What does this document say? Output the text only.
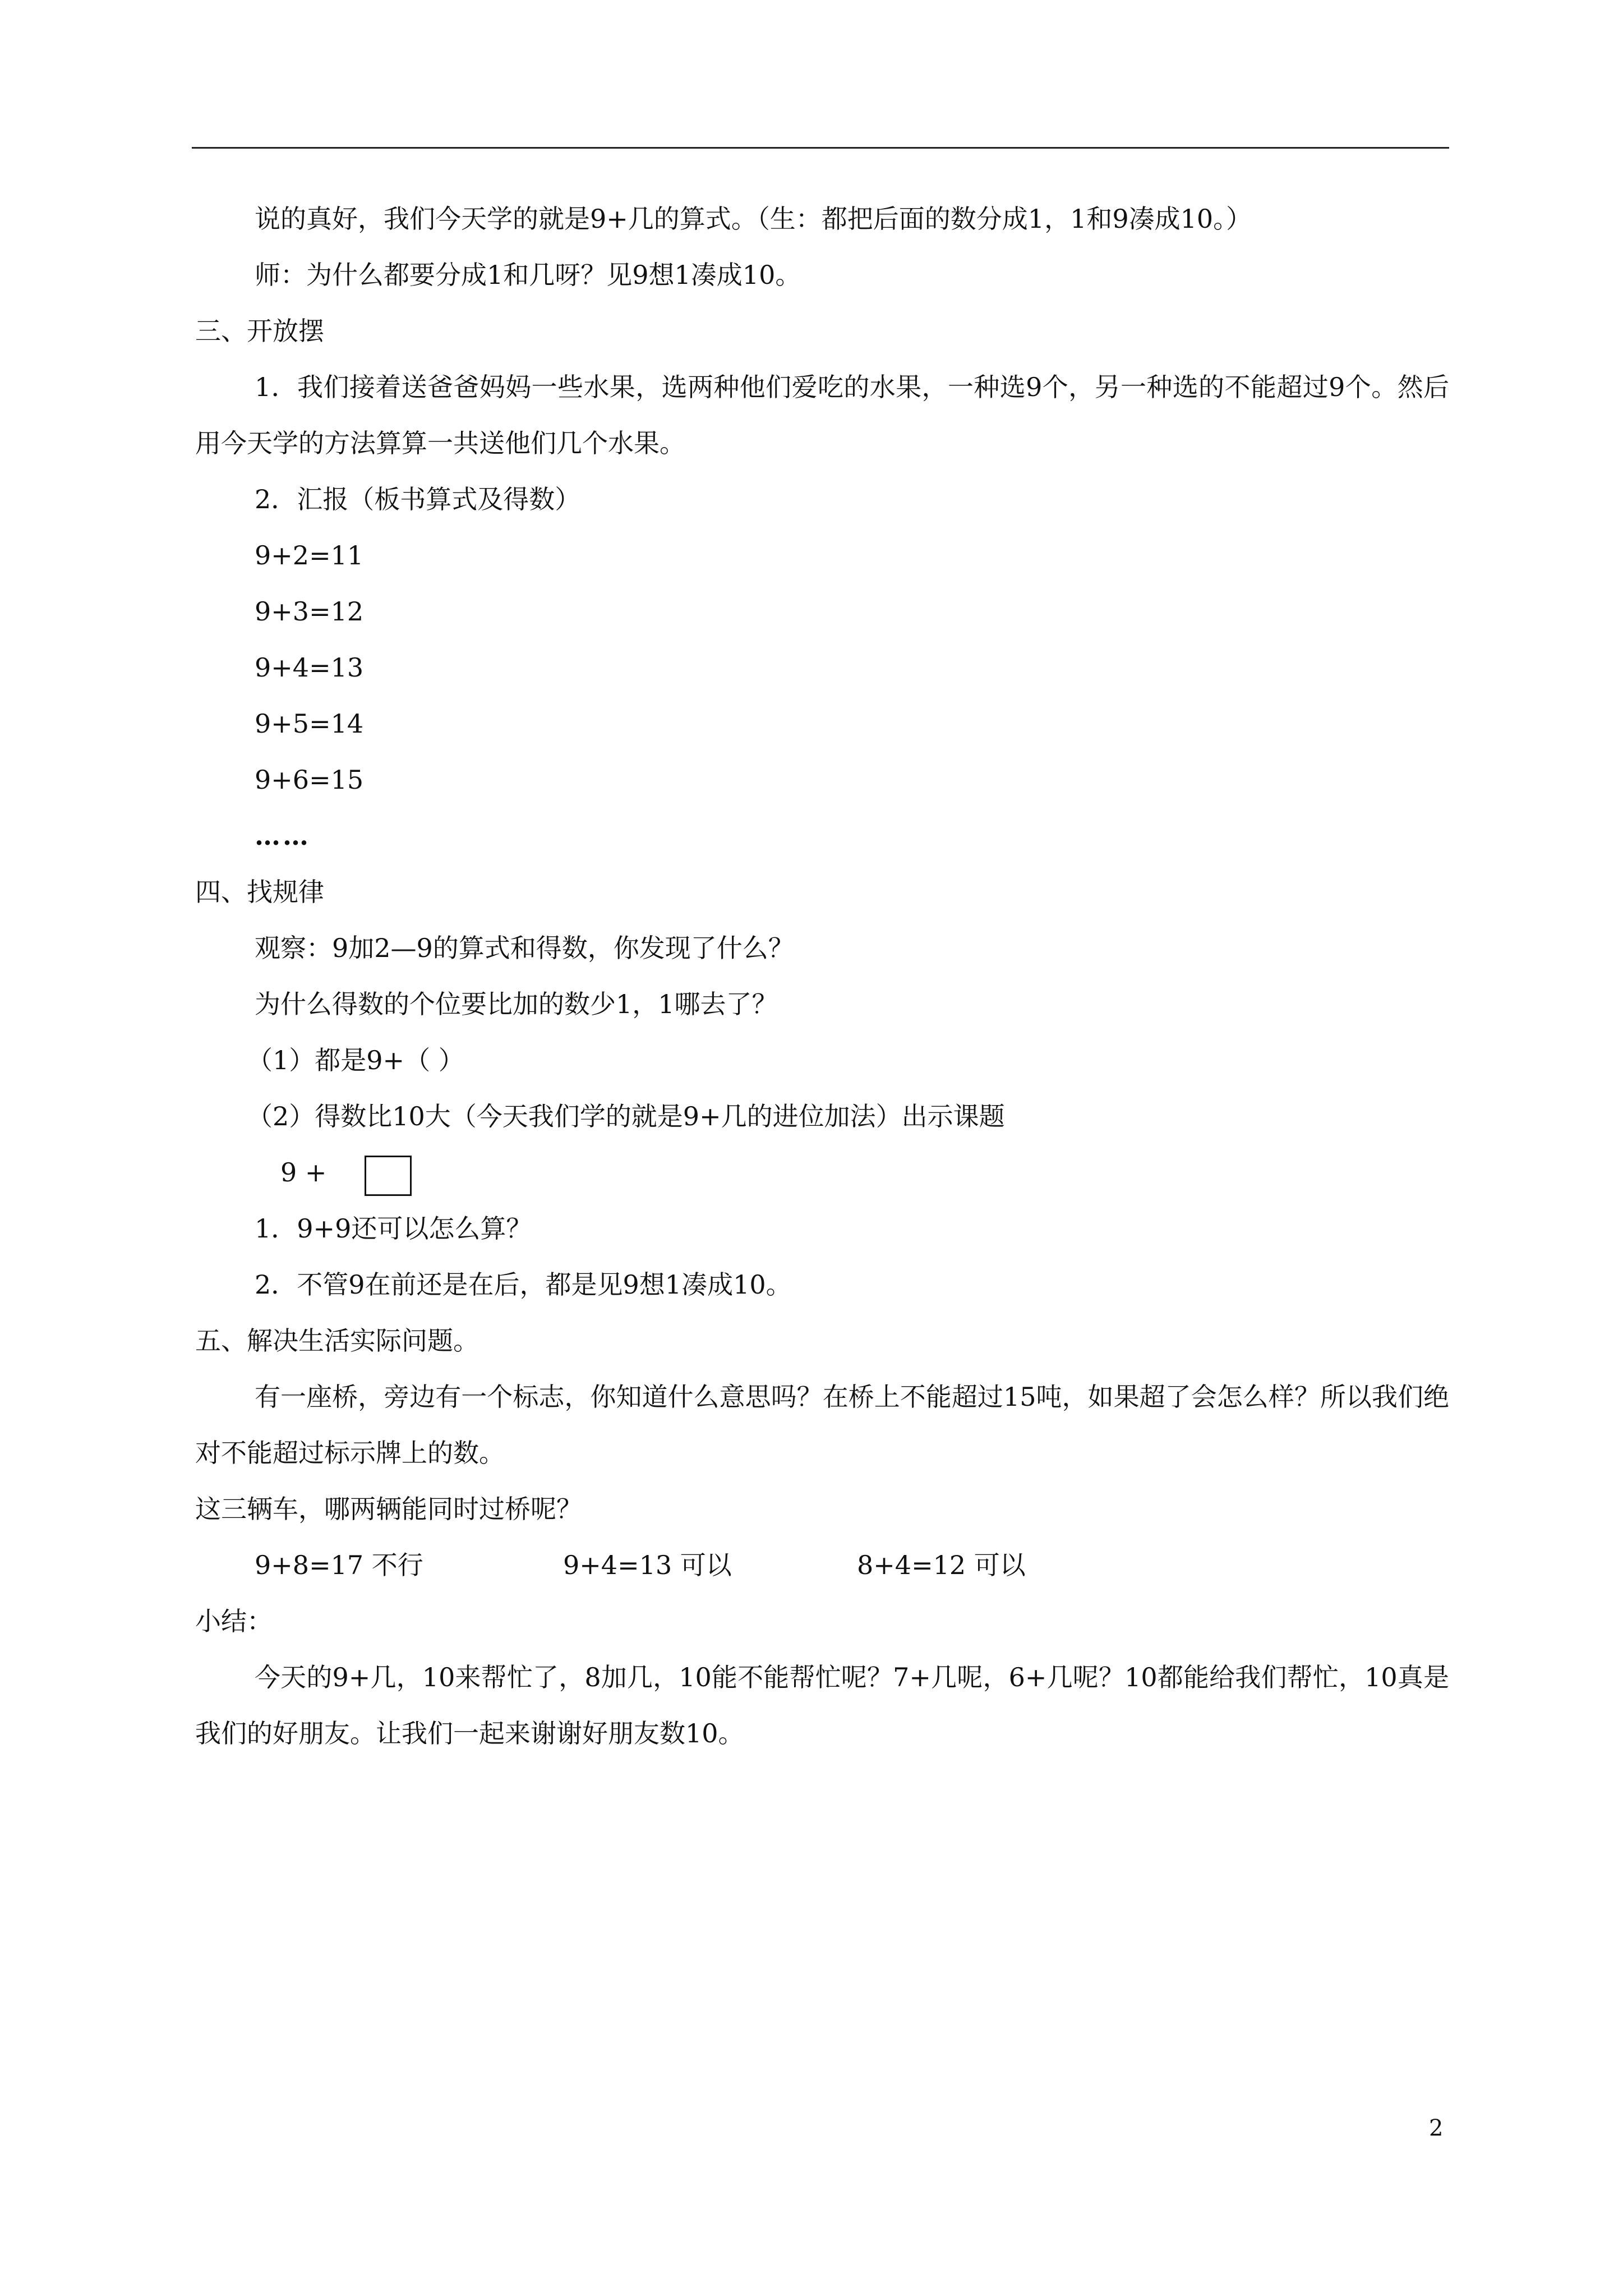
说的真好，我们今天学的就是9+几的算式。（生：都把后面的数分成1，1和9凑成10。）
师：为什么都要分成1和几呀？见9想1凑成10。
三、开放摆
1．我们接着送爸爸妈妈一些水果，选两种他们爱吃的水果，一种选9个，另一种选的不能超过9个。然后用今天学的方法算算一共送他们几个水果。
2．汇报（板书算式及得数）
9+2=11
9+3=12
9+4=13
9+5=14
9+6=15
……
四、找规律
观察：9加2—9的算式和得数，你发现了什么？
为什么得数的个位要比加的数少1，1哪去了？
（1）都是9+（ ）
（2）得数比10大（今天我们学的就是9+几的进位加法）出示课题
9 +
1．9+9还可以怎么算？
2．不管9在前还是在后，都是见9想1凑成10。
五、解决生活实际问题。
有一座桥，旁边有一个标志，你知道什么意思吗？在桥上不能超过15吨，如果超了会怎么样？所以我们绝对不能超过标示牌上的数。
这三辆车，哪两辆能同时过桥呢？
9+8=17 不行	9+4=13 可以	8+4=12 可以
小结：
今天的9+几，10来帮忙了，8加几，10能不能帮忙呢？7+几呢，6+几呢？10都能给我们帮忙，10真是我们的好朋友。让我们一起来谢谢好朋友数10。
2
